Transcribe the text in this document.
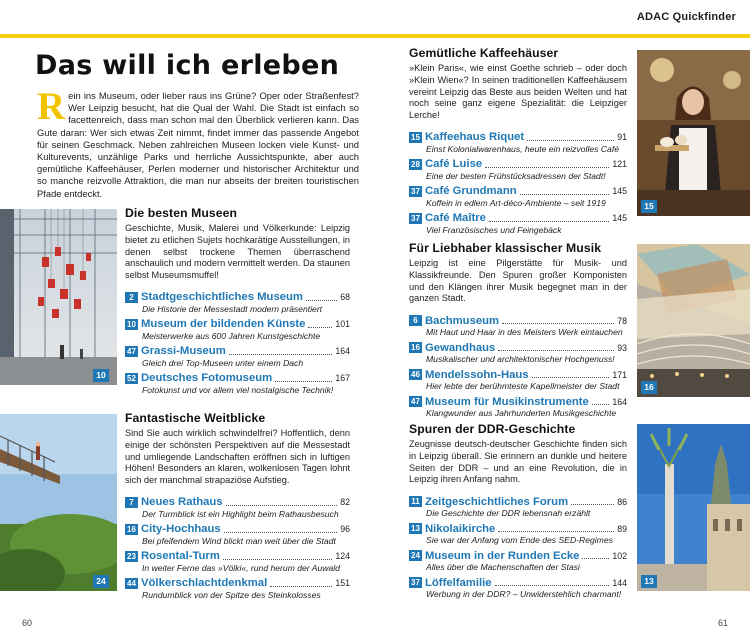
ADAC Quickfinder
Das will ich erleben
Rein ins Museum, oder lieber raus ins Grüne? Oper oder Straßenfest? Wer Leipzig besucht, hat die Qual der Wahl. Die Stadt ist einfach so facettenreich, dass man schon mal den Überblick verlieren kann. Das Gute daran: Wer sich etwas Zeit nimmt, findet immer das passende Angebot für seinen Geschmack. Neben zahlreichen Museen locken viele Kunst- und Kulturevents, unzählige Parks und herrliche Aussichtspunkte, aber auch gemütliche Kaffeehäuser, Perlen moderner und historischer Architektur und so manche reizvolle Attraktion, die man nur abseits der breiten touristischen Pfade entdeckt.
10
24
15
16
13
Die besten Museen

Geschichte, Musik, Malerei und Völkerkunde: Leipzig bietet zu etlichen Sujets hochkarätige Ausstellungen, in denen selbst trockene Themen überraschend anschaulich und modern vermittelt werden. Da staunen selbst Museumsmuffel!

2 Stadtgeschichtliches Museum	68
Die Historie der Messestadt modern präsentiert
10 Museum der bildenden Künste	101
Meisterwerke aus 600 Jahren Kunstgeschichte
47 Grassi-Museum	164
Gleich drei Top-Museen unter einem Dach
52 Deutsches Fotomuseum	167
Fotokunst und vor allem viel nostalgische Technik!
Fantastische Weitblicke

Sind Sie auch wirklich schwindelfrei? Hoffentlich, denn einige der schönsten Perspektiven auf die Messestadt und umliegende Landschaften eröffnen sich in luftigen Höhen! Besonders an klaren, wolkenlosen Tagen lohnt sich der manchmal strapaziöse Aufstieg.

7 Neues Rathaus	82
Der Turmblick ist ein Highlight beim Rathausbesuch
16 City-Hochhaus	96
Bei pfeifendem Wind blickt man weit über die Stadt
23 Rosental-Turm	124
In weiter Ferne das »Völki«, rund herum der Auwald
44 Völkerschlachtdenkmal	151
Rundumblick von der Spitze des Steinkolosses
Gemütliche Kaffeehäuser

»Klein Paris«, wie einst Goethe schrieb – oder doch »Klein Wien«? In seinen traditionellen Kaffeehäusern vereint Leipzig das Beste aus beiden Welten und hat noch seine ganz eigene Spezialität: die Leipziger Lerche!

15 Kaffeehaus Riquet	91
Einst Kolonialwarenhaus, heute ein reizvolles Café
28 Café Luise	121
Eine der besten Frühstücksadressen der Stadt!
37 Café Grundmann	145
Koffein in edlem Art-déco-Ambiente – seit 1919
37 Café Maître	145
Viel Französisches und Feingebäck
Für Liebhaber klassischer Musik

Leipzig ist eine Pilgerstätte für Musik- und Klassikfreunde. Den Spuren großer Komponisten und den Klängen ihrer Musik begegnet man in der ganzen Stadt.

6 Bachmuseum	78
Mit Haut und Haar in des Meisters Werk eintauchen
16 Gewandhaus	93
Musikalischer und architektonischer Hochgenuss!
46 Mendelssohn-Haus	171
Hier lebte der berühmteste Kapellmeister der Stadt
47 Museum für Musikinstrumente	164
Klangwunder aus Jahrhunderten Musikgeschichte
Spuren der DDR-Geschichte

Zeugnisse deutsch-deutscher Geschichte finden sich in Leipzig überall. Sie erinnern an dunkle und heitere Seiten der DDR – und an eine Revolution, die in Leipzig ihren Anfang nahm.

11 Zeitgeschichtliches Forum	86
Die Geschichte der DDR lebensnah erzählt
13 Nikolaikirche	89
Sie war der Anfang vom Ende des SED-Regimes
24 Museum in der Runden Ecke	102
Alles über die Machenschaften der Stasi
37 Löffelfamilie	144
Werbung in der DDR? – Unwiderstehlich charmant!
60	61
